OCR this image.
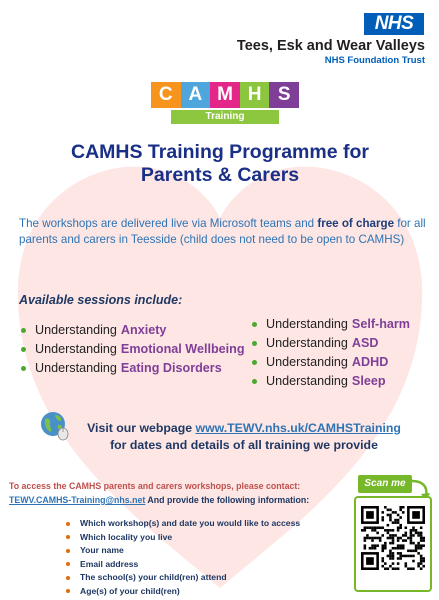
NHS
Tees, Esk and Wear Valleys
NHS Foundation Trust
C A M H S
Training
CAMHS Training Programme for
Parents & Carers
The workshops are delivered live via Microsoft teams and free of charge for all parents and carers in Teesside (child does not need to be open to CAMHS)
Available sessions include:
Understanding Anxiety
Understanding Emotional Wellbeing
Understanding Eating Disorders
Understanding Self-harm
Understanding ASD
Understanding ADHD
Understanding Sleep
Visit our webpage www.TEWV.nhs.uk/CAMHSTraining
for dates and details of all training we provide
To access the CAMHS parents and carers workshops, please contact:
TEWV.CAMHS-Training@nhs.net And provide the following information:
Which workshop(s) and date you would like to access
Which locality you live
Your name
Email address
The school(s) your child(ren) attend
Age(s) of your child(ren)
Scan me
